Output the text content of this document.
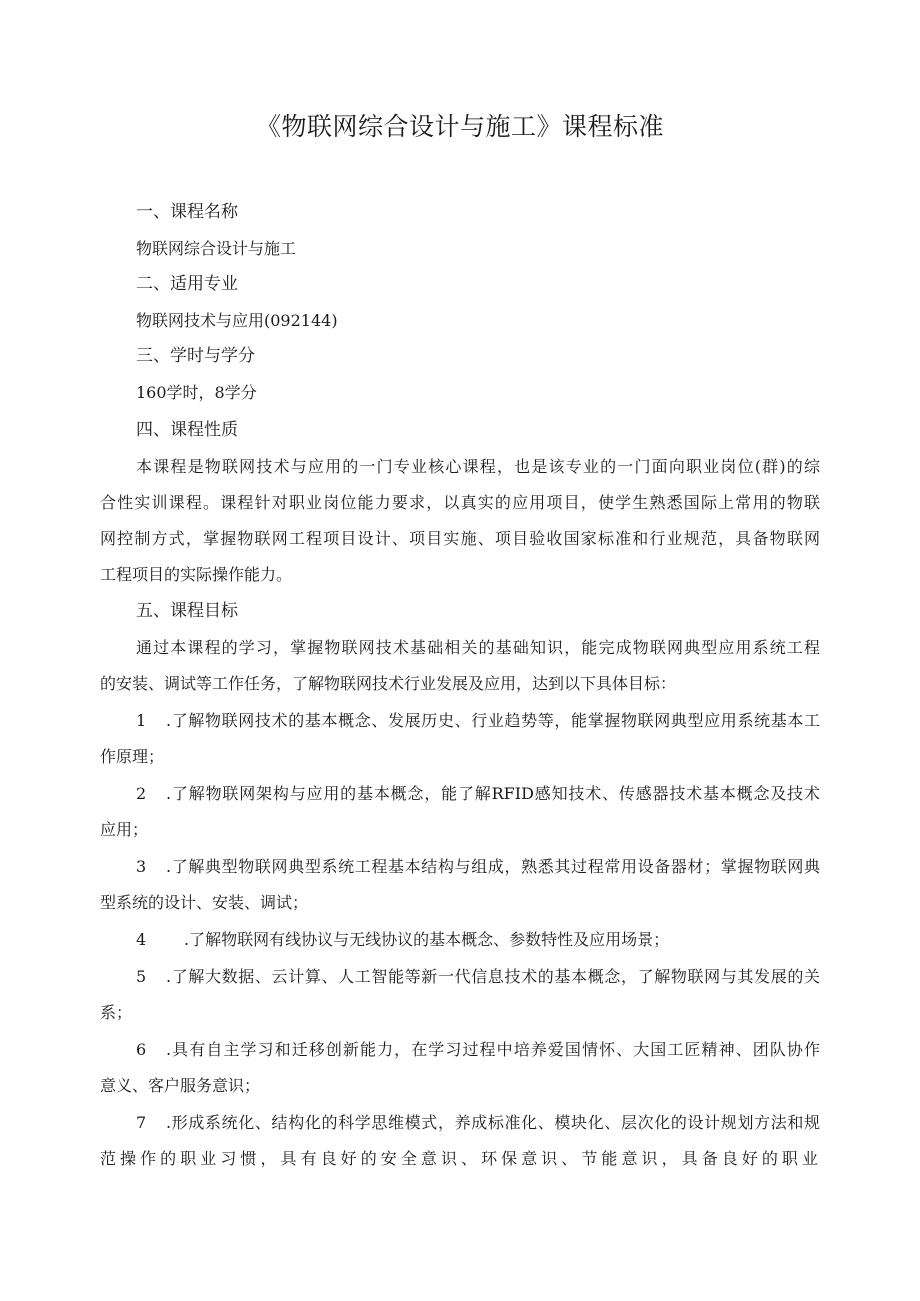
《物联网综合设计与施工》课程标准
一、课程名称
物联网综合设计与施工
二、适用专业
物联网技术与应用(092144)
三、学时与学分
160学时，8学分
四、课程性质
本课程是物联网技术与应用的一门专业核心课程，也是该专业的一门面向职业岗位(群)的综
合性实训课程。课程针对职业岗位能力要求，以真实的应用项目，使学生熟悉国际上常用的物联
网控制方式，掌握物联网工程项目设计、项目实施、项目验收国家标准和行业规范，具备物联网
工程项目的实际操作能力。
五、课程目标
通过本课程的学习，掌握物联网技术基础相关的基础知识，能完成物联网典型应用系统工程
的安装、调试等工作任务，了解物联网技术行业发展及应用，达到以下具体目标：
1 .了解物联网技术的基本概念、发展历史、行业趋势等，能掌握物联网典型应用系统基本工
作原理；
2 .了解物联网架构与应用的基本概念，能了解RFID感知技术、传感器技术基本概念及技术
应用；
3 .了解典型物联网典型系统工程基本结构与组成，熟悉其过程常用设备器材；掌握物联网典
型系统的设计、安装、调试；
4 .了解物联网有线协议与无线协议的基本概念、参数特性及应用场景；
5 .了解大数据、云计算、人工智能等新一代信息技术的基本概念，了解物联网与其发展的关
系；
6 .具有自主学习和迁移创新能力，在学习过程中培养爱国情怀、大国工匠精神、团队协作
意义、客户服务意识；
7 .形成系统化、结构化的科学思维模式，养成标准化、模块化、层次化的设计规划方法和规
范操作的职业习惯，具有良好的安全意识、环保意识、节能意识，具备良好的职业
